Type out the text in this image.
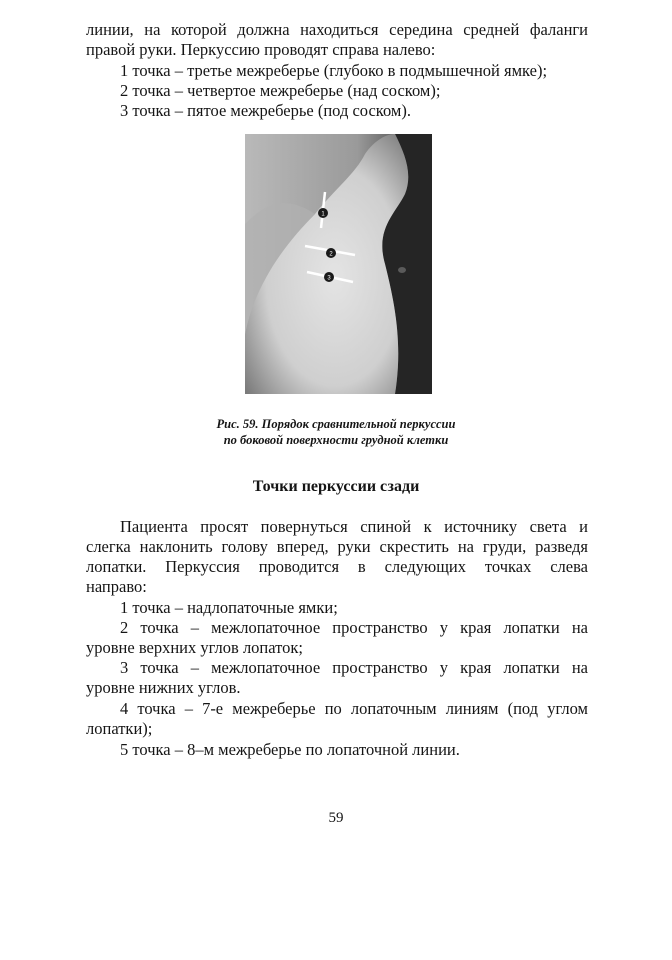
линии, на которой должна находиться середина средней фаланги
правой руки. Перкуссию проводят справа налево:
1 точка – третье межреберье (глубоко в подмышечной ямке);
2 точка – четвертое межреберье (над соском);
3 точка – пятое межреберье (под соском).
1
2
3
Рис. 59. Порядок сравнительной перкуссии
по боковой поверхности грудной клетки
Точки перкуссии сзади
Пациента просят повернуться спиной к источнику света и
слегка наклонить голову вперед, руки скрестить на груди, разведя
лопатки. Перкуссия проводится в следующих точках слева
направо:
1 точка – надлопаточные ямки;
2 точка – межлопаточное пространство у края лопатки на
уровне верхних углов лопаток;
3 точка – межлопаточное пространство у края лопатки на
уровне нижних углов.
4 точка – 7-е межреберье по лопаточным линиям (под углом
лопатки);
5 точка – 8–м межреберье по лопаточной линии.
59
